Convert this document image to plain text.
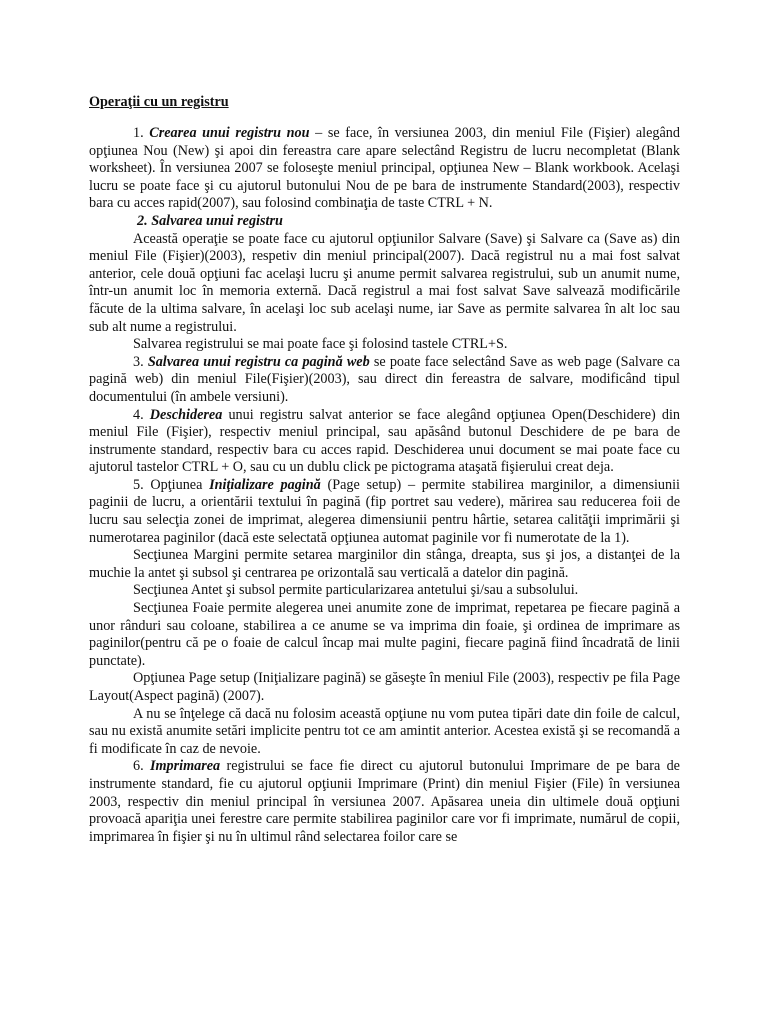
Operaţii cu un registru

1. Crearea unui registru nou – se face, în versiunea 2003, din meniul File (Fişier) alegând opţiunea Nou (New) şi apoi din fereastra care apare selectând Registru de lucru necompletat (Blank worksheet). În versiunea 2007 se foloseşte meniul principal, opţiunea New – Blank workbook. Acelaşi lucru se poate face şi cu ajutorul butonului Nou de pe bara de instrumente Standard(2003), respectiv bara cu acces rapid(2007), sau folosind combinaţia de taste CTRL + N.

2. Salvarea unui registru

Această operaţie se poate face cu ajutorul opţiunilor Salvare (Save) şi Salvare ca (Save as) din meniul File (Fişier)(2003), respetiv din meniul principal(2007). Dacă registrul nu a mai fost salvat anterior, cele două opţiuni fac acelaşi lucru şi anume permit salvarea registrului, sub un anumit nume, într-un anumit loc în memoria externă. Dacă registrul a mai fost salvat Save salvează modificările făcute de la ultima salvare, în acelaşi loc sub acelaşi nume, iar Save as permite salvarea în alt loc sau sub alt nume a registrului.

Salvarea registrului se mai poate face şi folosind tastele CTRL+S.

3. Salvarea unui registru ca pagină web se poate face selectând Save as web page (Salvare ca pagină web) din meniul File(Fişier)(2003), sau direct din fereastra de salvare, modificând tipul documentului (în ambele versiuni).

4. Deschiderea unui registru salvat anterior se face alegând opţiunea Open(Deschidere) din meniul File (Fişier), respectiv meniul principal, sau apăsând butonul Deschidere de pe bara de instrumente standard, respectiv bara cu acces rapid. Deschiderea unui document se mai poate face cu ajutorul tastelor CTRL + O, sau cu un dublu click pe pictograma ataşată fişierului creat deja.

5. Opţiunea Iniţializare pagină (Page setup) – permite stabilirea marginilor, a dimensiunii paginii de lucru, a orientării textului în pagină (fip portret sau vedere), mărirea sau reducerea foii de lucru sau selecţia zonei de imprimat, alegerea dimensiunii pentru hârtie, setarea calităţii imprimării şi numerotarea paginilor (dacă este selectată opţiunea automat paginile vor fi numerotate de la 1).

Secţiunea Margini permite setarea marginilor din stânga, dreapta, sus şi jos, a distanţei de la muchie la antet şi subsol şi centrarea pe orizontală sau verticală a datelor din pagină.

Secţiunea Antet şi subsol permite particularizarea antetului şi/sau a subsolului.

Secţiunea Foaie permite alegerea unei anumite zone de imprimat, repetarea pe fiecare pagină a unor rânduri sau coloane, stabilirea a ce anume se va imprima din foaie, şi ordinea de imprimare as paginilor(pentru că pe o foaie de calcul încap mai multe pagini, fiecare pagină fiind încadrată de linii punctate).

Opţiunea Page setup (Iniţializare pagină) se găseşte în meniul File (2003), respectiv pe fila Page Layout(Aspect pagină) (2007).

A nu se înţelege că dacă nu folosim această opţiune nu vom putea tipări date din foile de calcul, sau nu există anumite setări implicite pentru tot ce am amintit anterior. Acestea există şi se recomandă a fi modificate în caz de nevoie.

6. Imprimarea registrului se face fie direct cu ajutorul butonului Imprimare de pe bara de instrumente standard, fie cu ajutorul opţiunii Imprimare (Print) din meniul Fişier (File) în versiunea 2003, respectiv din meniul principal în versiunea 2007. Apăsarea uneia din ultimele două opţiuni provoacă apariţia unei ferestre care permite stabilirea paginilor care vor fi imprimate, numărul de copii, imprimarea în fişier şi nu în ultimul rând selectarea foilor care se
